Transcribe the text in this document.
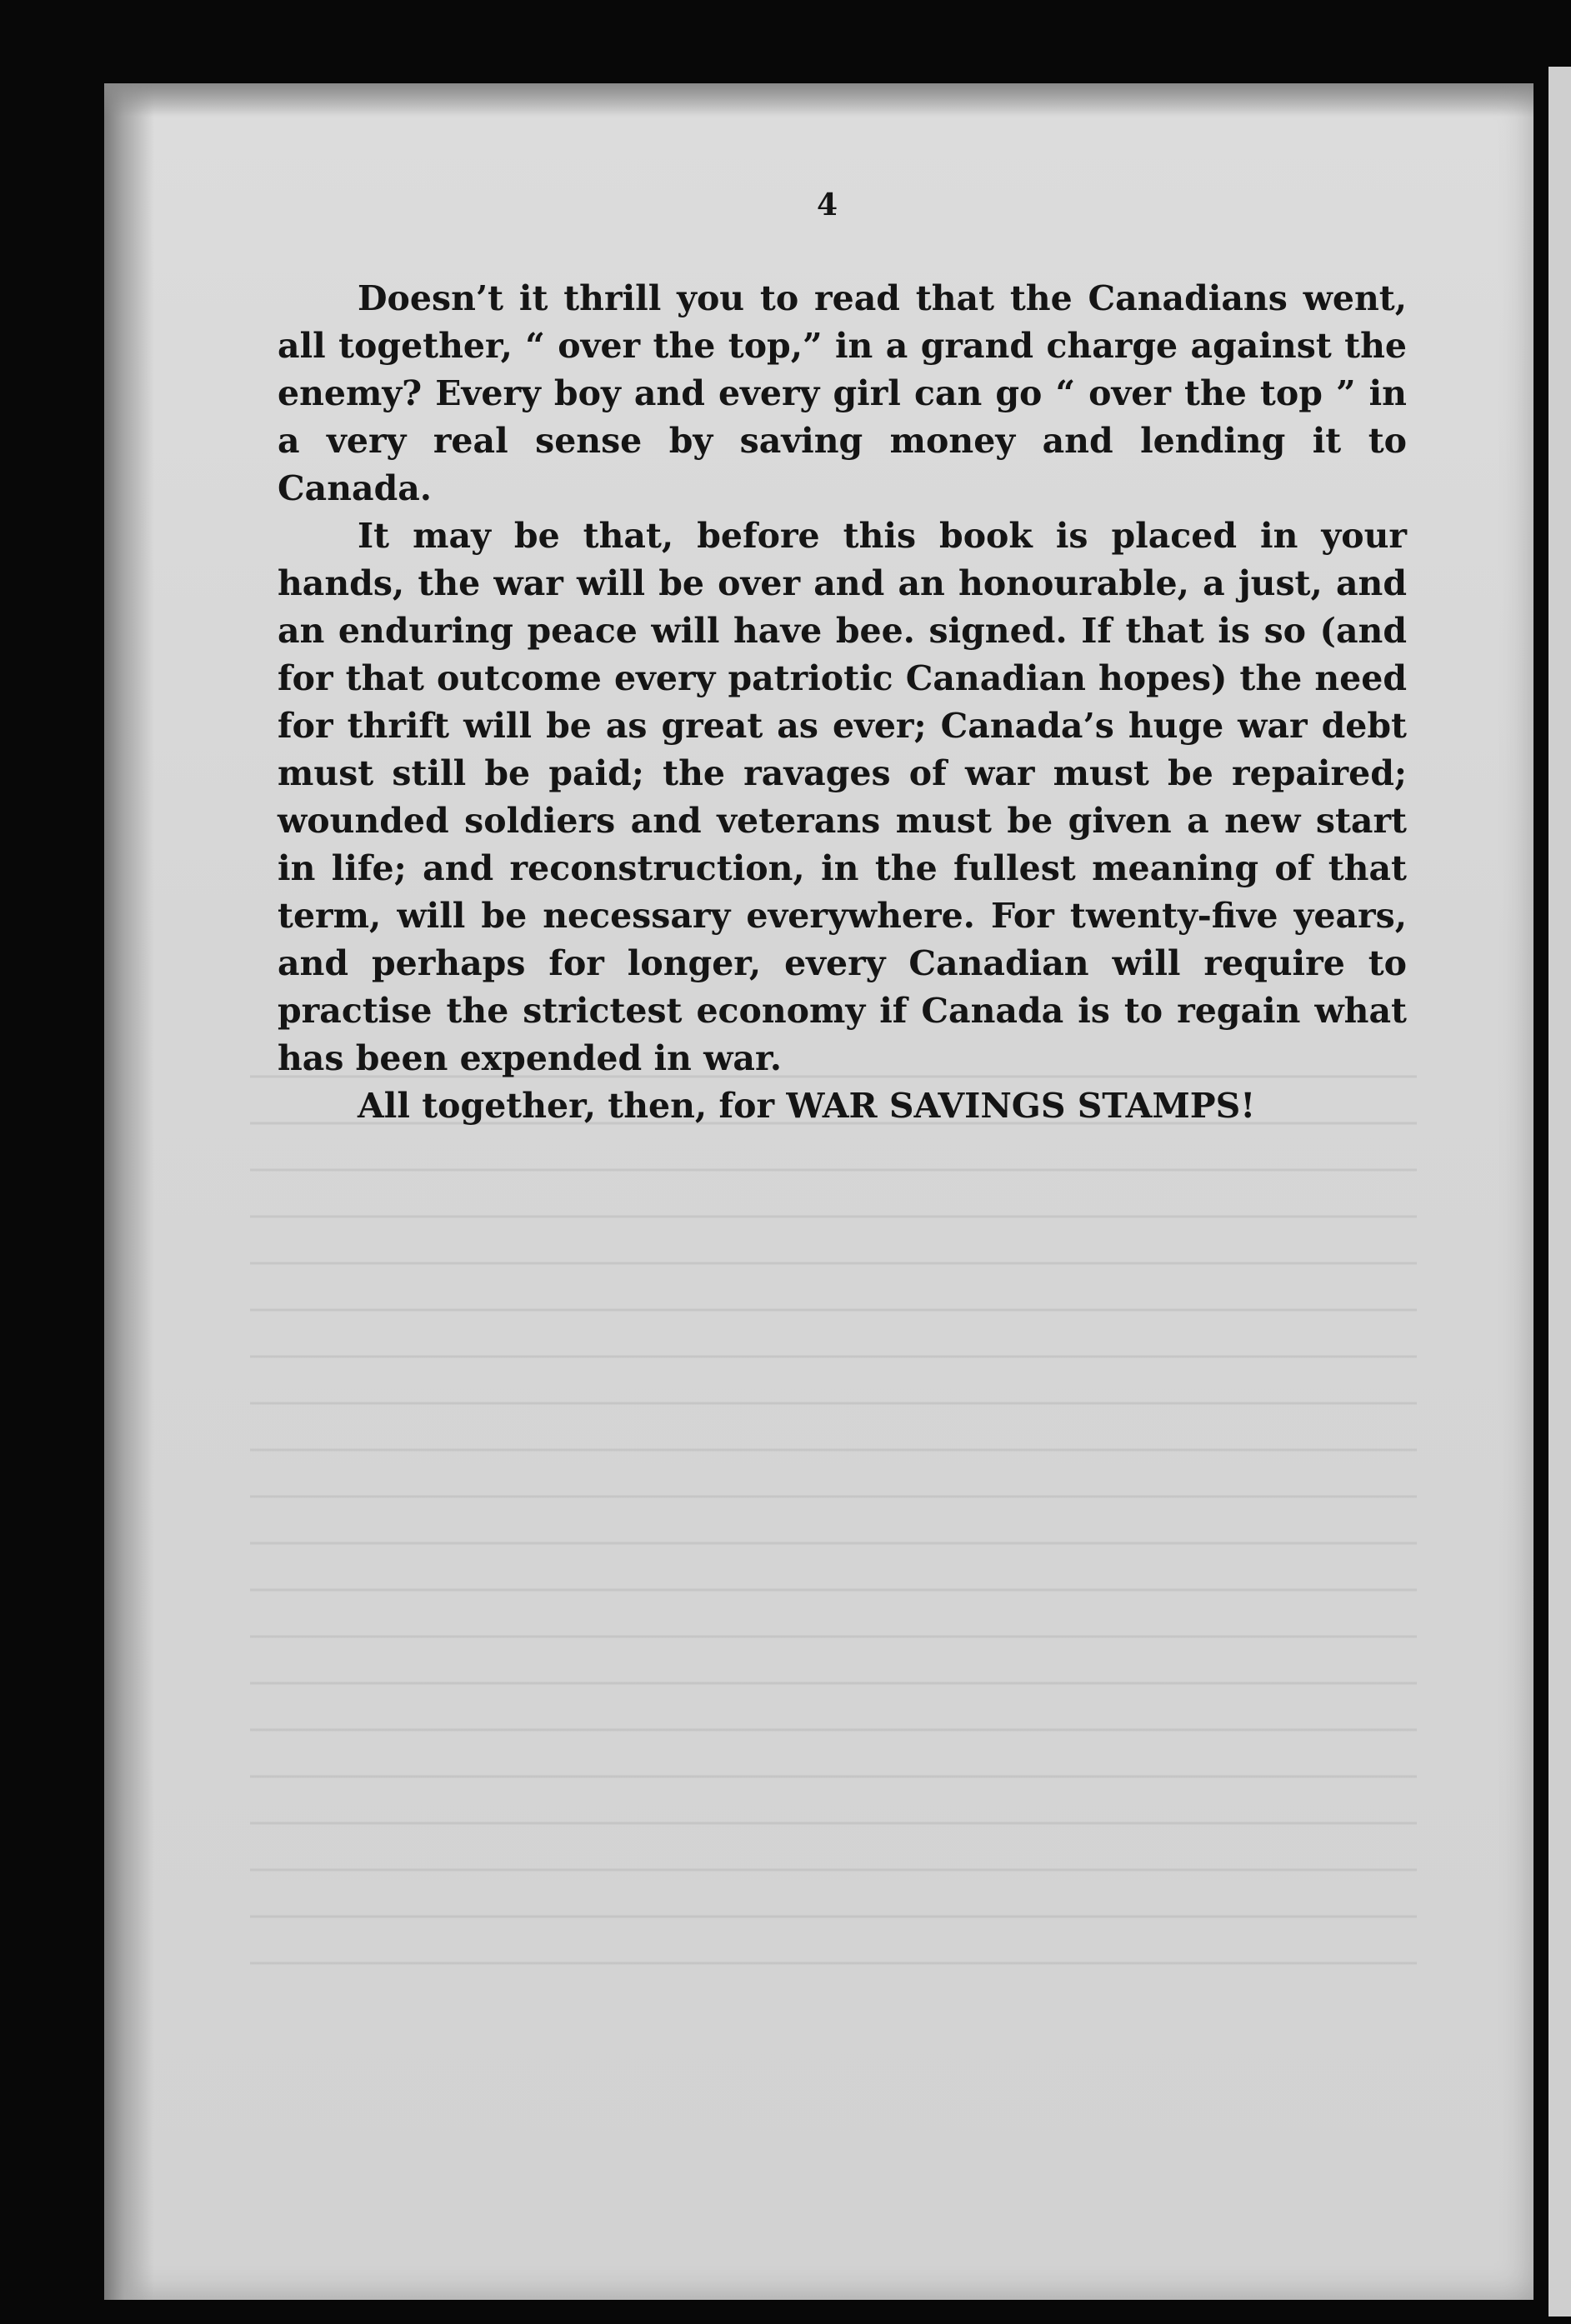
4

Doesn’t it thrill you to read that the Canadians went, all together, “ over the top,” in a grand charge against the enemy? Every boy and every girl can go “ over the top ” in a very real sense by saving money and lending it to Canada.

It may be that, before this book is placed in your hands, the war will be over and an honourable, a just, and an enduring peace will have bee. signed. If that is so (and for that outcome every patriotic Canadian hopes) the need for thrift will be as great as ever; Canada’s huge war debt must still be paid; the ravages of war must be repaired; wounded soldiers and veterans must be given a new start in life; and reconstruction, in the fullest meaning of that term, will be necessary everywhere. For twenty-five years, and perhaps for longer, every Canadian will require to practise the strictest economy if Canada is to regain what has been expended in war.

All together, then, for WAR SAVINGS STAMPS!
